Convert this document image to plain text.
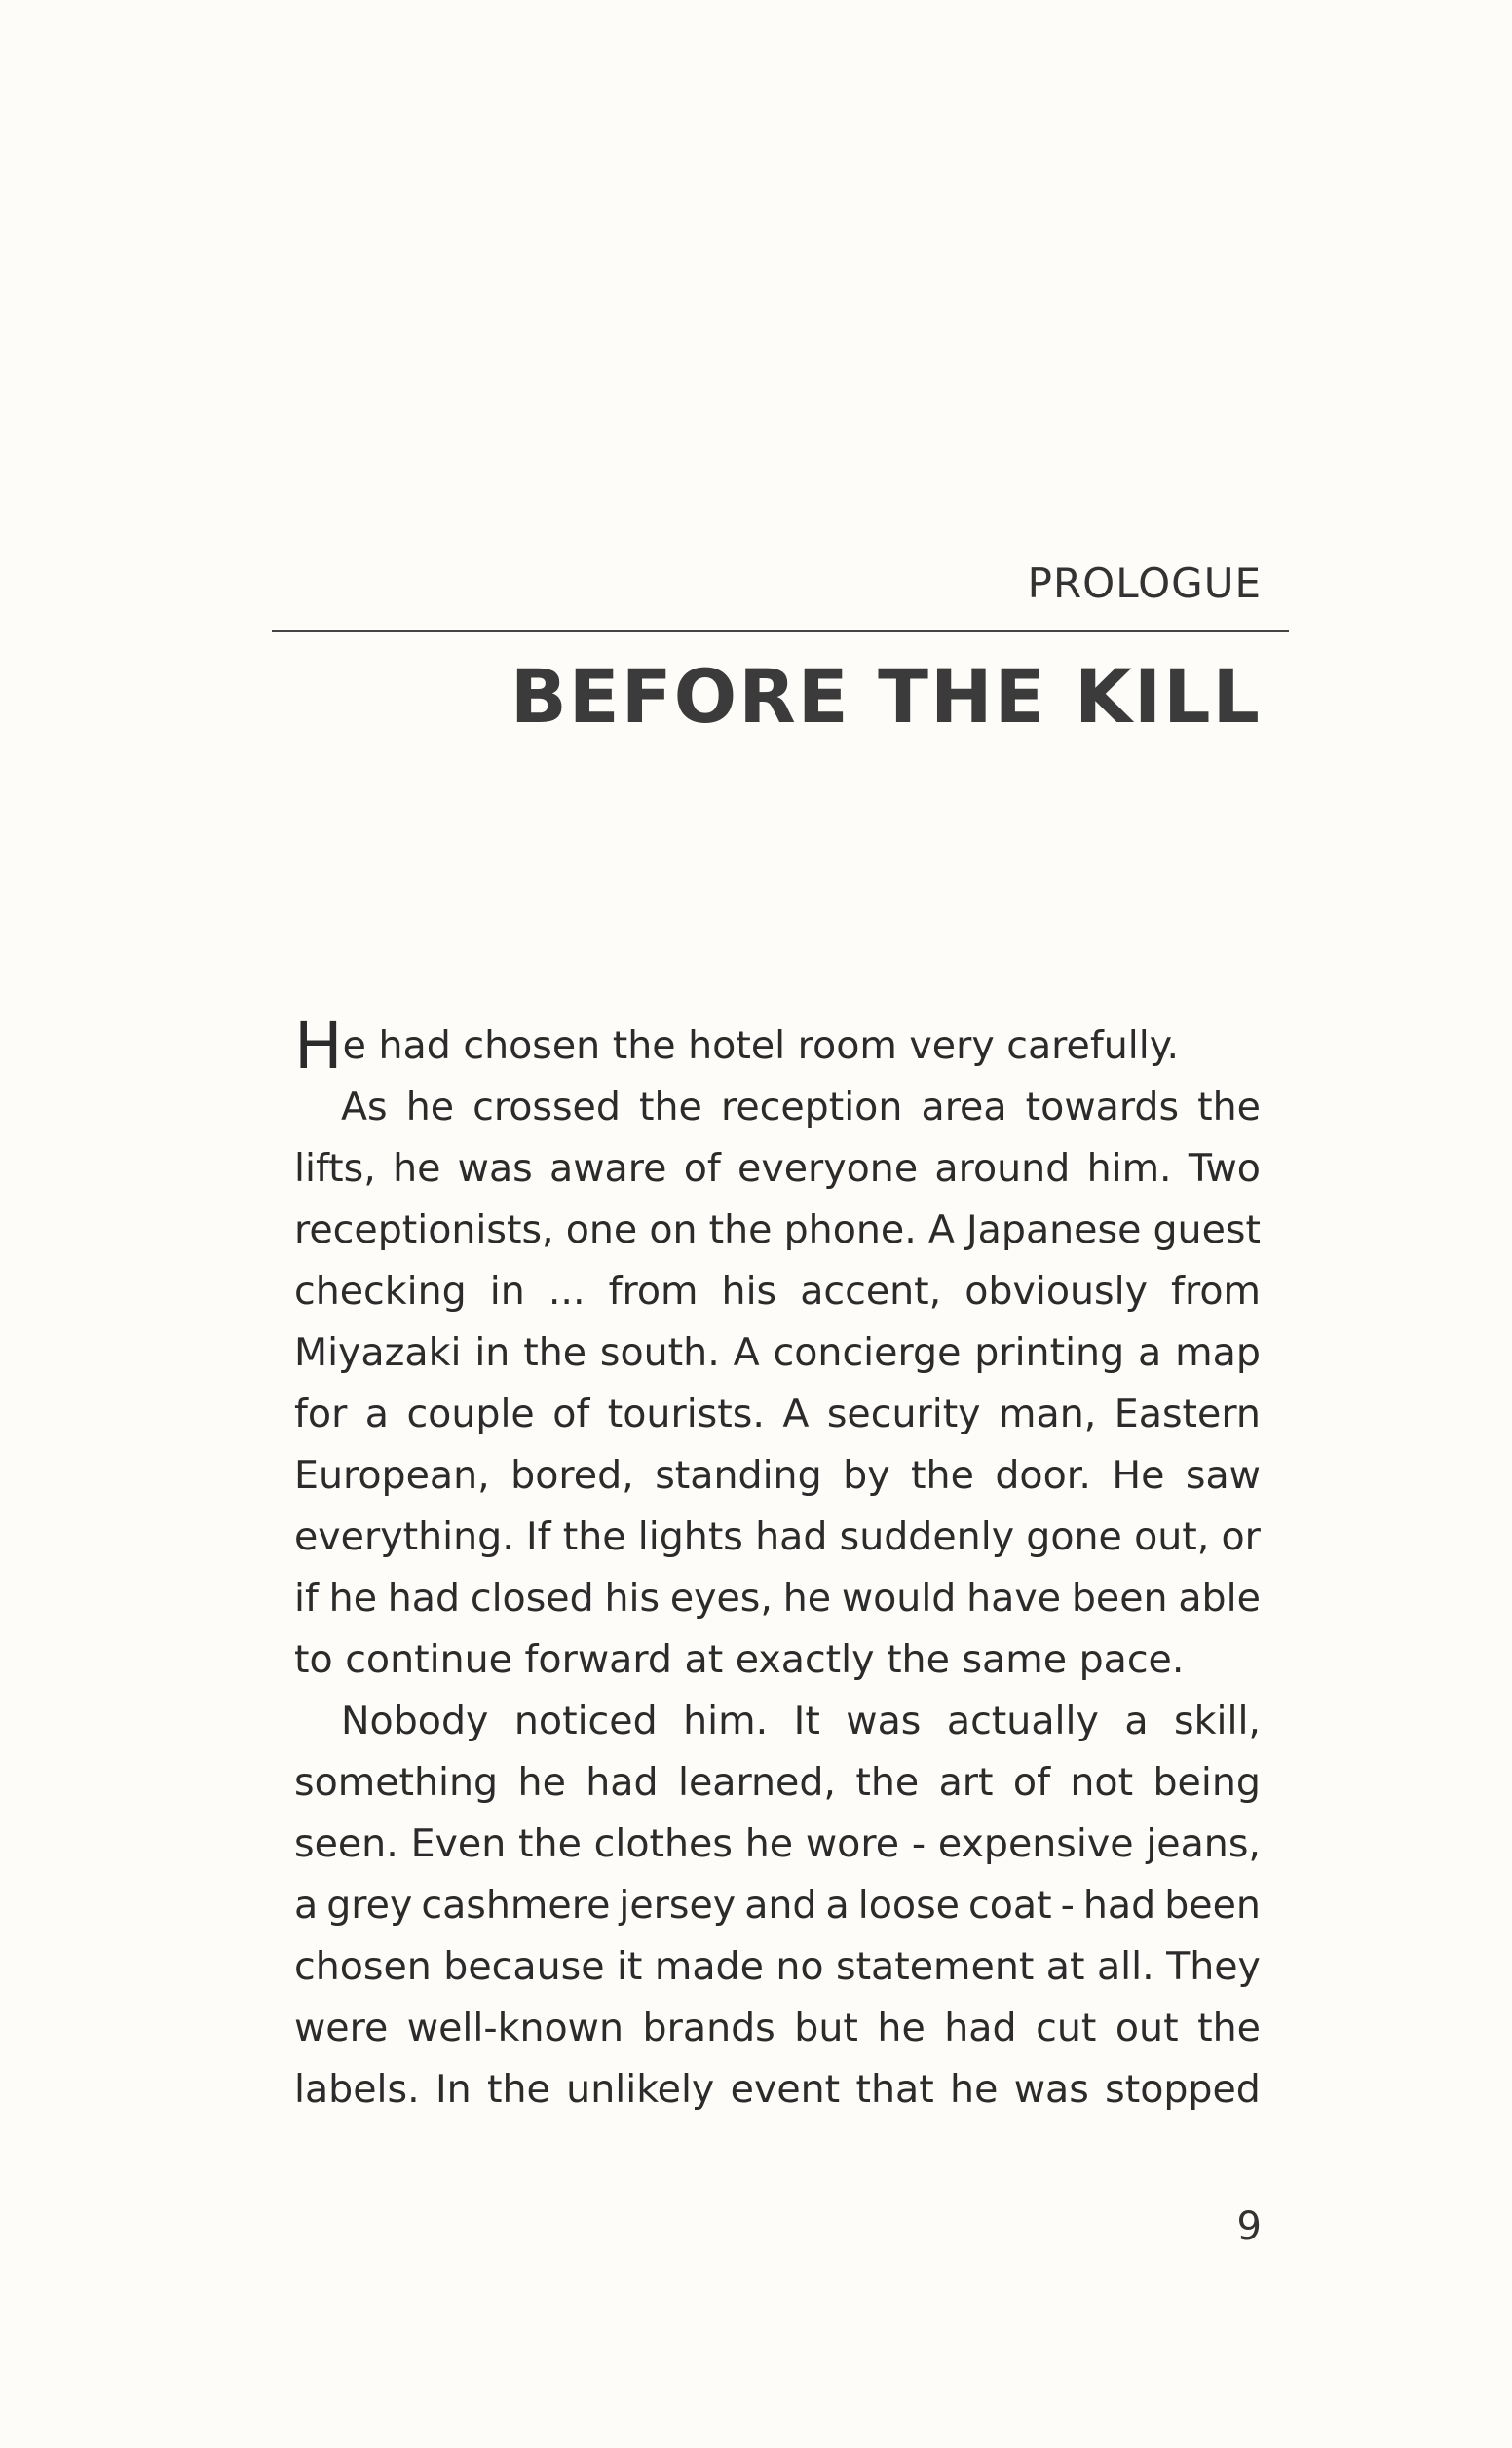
PROLOGUE
BEFORE THE KILL
H e had chosen the hotel room very carefully.
As he crossed the reception area towards the
lifts, he was aware of everyone around him. Two
receptionists, one on the phone. A Japanese guest
checking in ... from his accent, obviously from
Miyazaki in the south. A concierge printing a map
for a couple of tourists. A security man, Eastern
European, bored, standing by the door. He saw
everything. If the lights had suddenly gone out, or
if he had closed his eyes, he would have been able
to continue forward at exactly the same pace.
Nobody noticed him. It was actually a skill,
something he had learned, the art of not being
seen. Even the clothes he wore - expensive jeans,
a grey cashmere jersey and a loose coat - had been
chosen because it made no statement at all. They
were well-known brands but he had cut out the
labels. In the unlikely event that he was stopped
9
